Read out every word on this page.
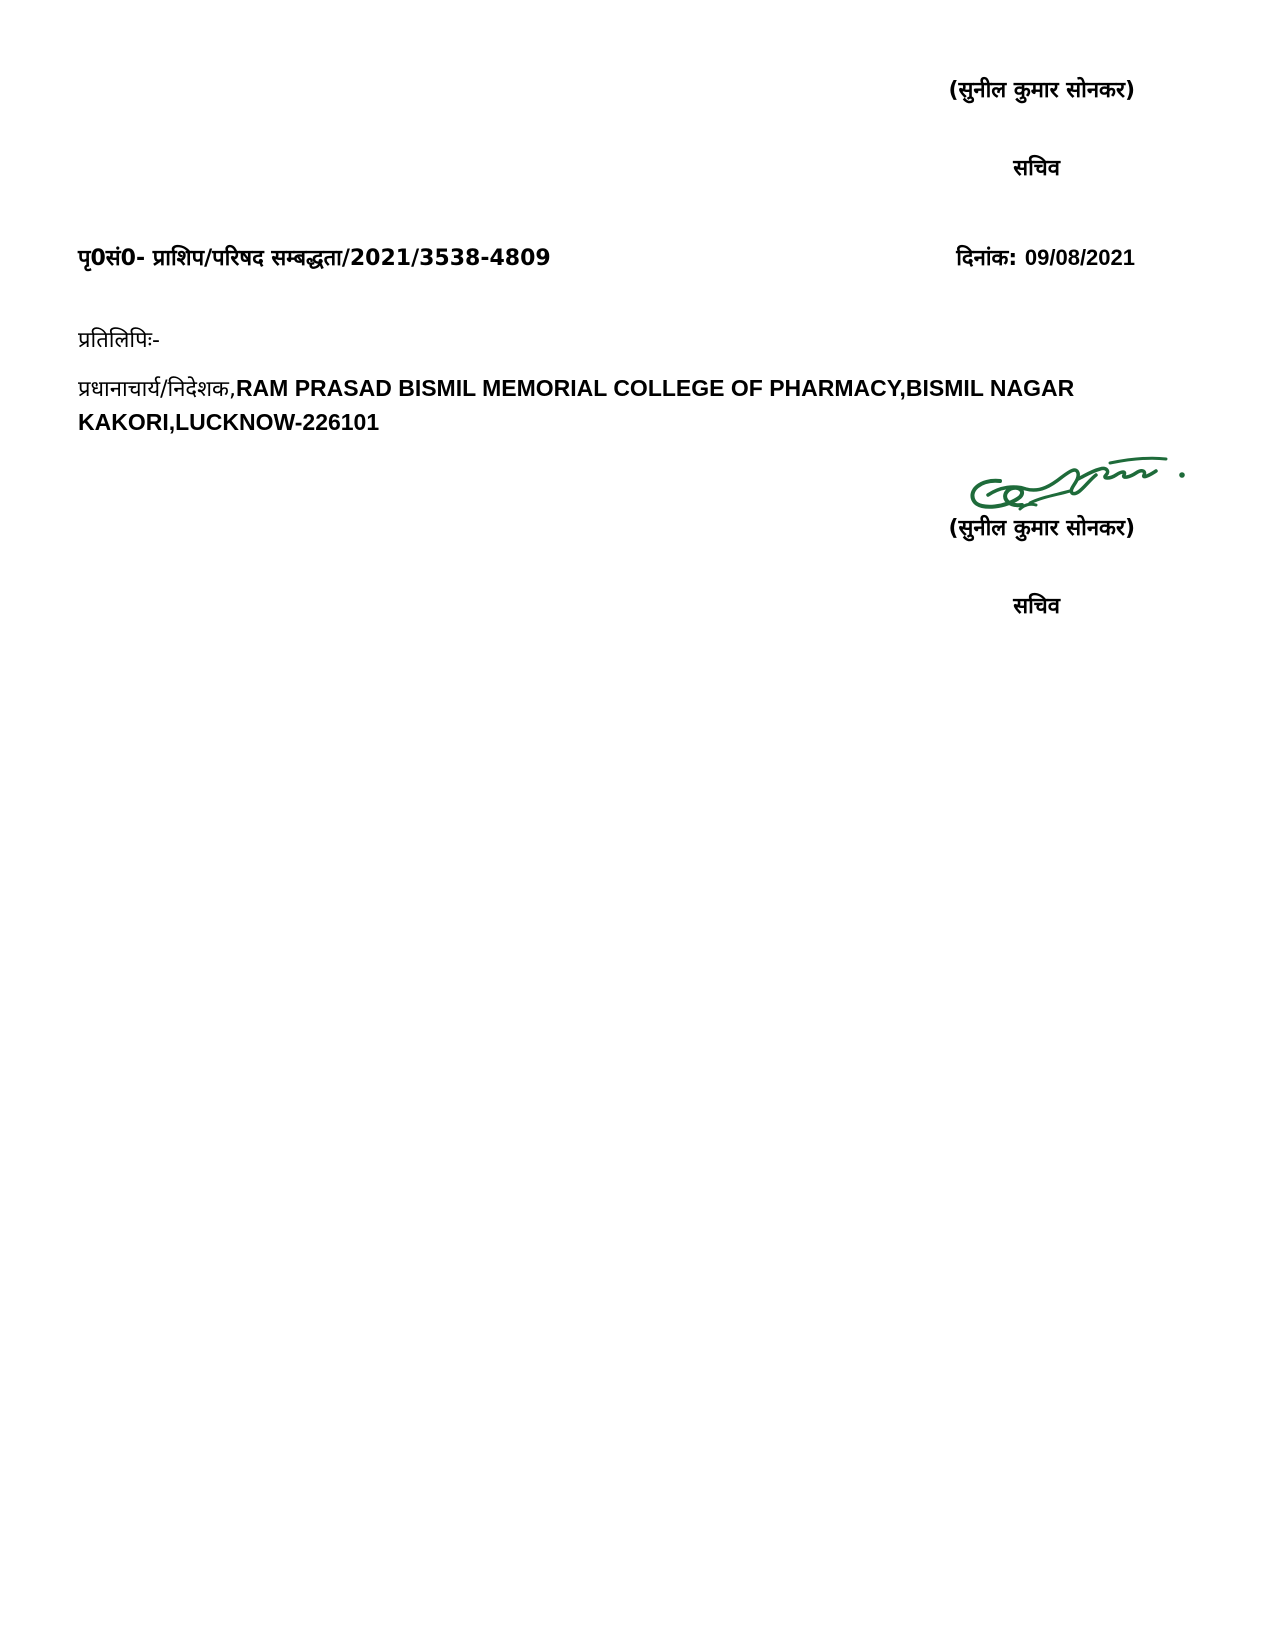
(सुनील कुमार सोनकर)
सचिव
पृ0सं0- प्राशिप/परिषद सम्बद्धता/2021/3538-4809	दिनांक: 09/08/2021
प्रतिलिपिः-
प्रधानाचार्य/निदेशक,RAM PRASAD BISMIL MEMORIAL COLLEGE OF PHARMACY,BISMIL NAGAR KAKORI,LUCKNOW-226101
(सुनील कुमार सोनकर)
सचिव
